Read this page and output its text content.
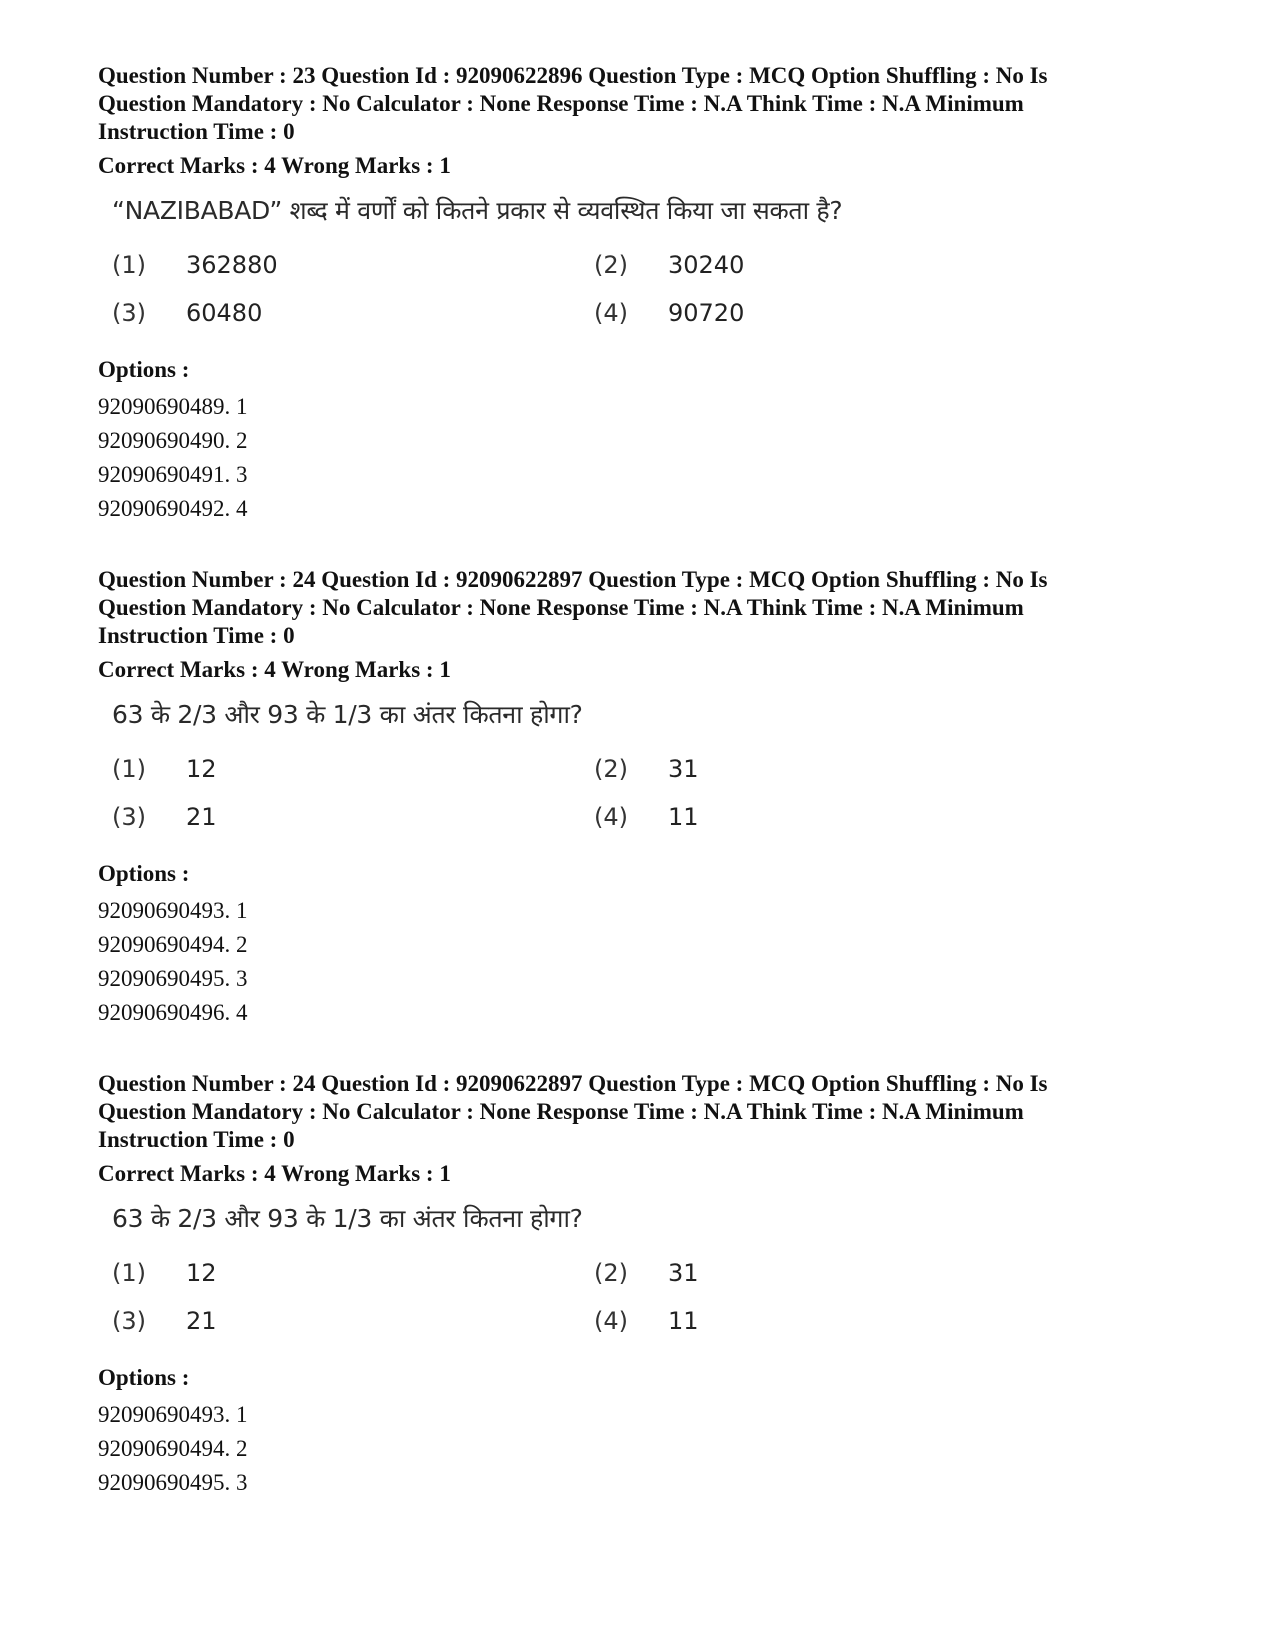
Question Number : 23 Question Id : 92090622896 Question Type : MCQ Option Shuffling : No Is Question Mandatory : No Calculator : None Response Time : N.A Think Time : N.A Minimum Instruction Time : 0

Correct Marks : 4 Wrong Marks : 1

“NAZIBABAD” शब्द में वर्णों को कितने प्रकार से व्यवस्थित किया जा सकता है?
(1)	362880	(2)	30240
(3)	60480	(4)	90720
Options :
92090690489. 1
92090690490. 2
92090690491. 3
92090690492. 4

Question Number : 24 Question Id : 92090622897 Question Type : MCQ Option Shuffling : No Is Question Mandatory : No Calculator : None Response Time : N.A Think Time : N.A Minimum Instruction Time : 0

Correct Marks : 4 Wrong Marks : 1

63 के 2/3 और 93 के 1/3 का अंतर कितना होगा?
(1)	12	(2)	31
(3)	21	(4)	11
Options :
92090690493. 1
92090690494. 2
92090690495. 3
92090690496. 4

Question Number : 24 Question Id : 92090622897 Question Type : MCQ Option Shuffling : No Is Question Mandatory : No Calculator : None Response Time : N.A Think Time : N.A Minimum Instruction Time : 0

Correct Marks : 4 Wrong Marks : 1

63 के 2/3 और 93 के 1/3 का अंतर कितना होगा?
(1)	12	(2)	31
(3)	21	(4)	11
Options :
92090690493. 1
92090690494. 2
92090690495. 3
